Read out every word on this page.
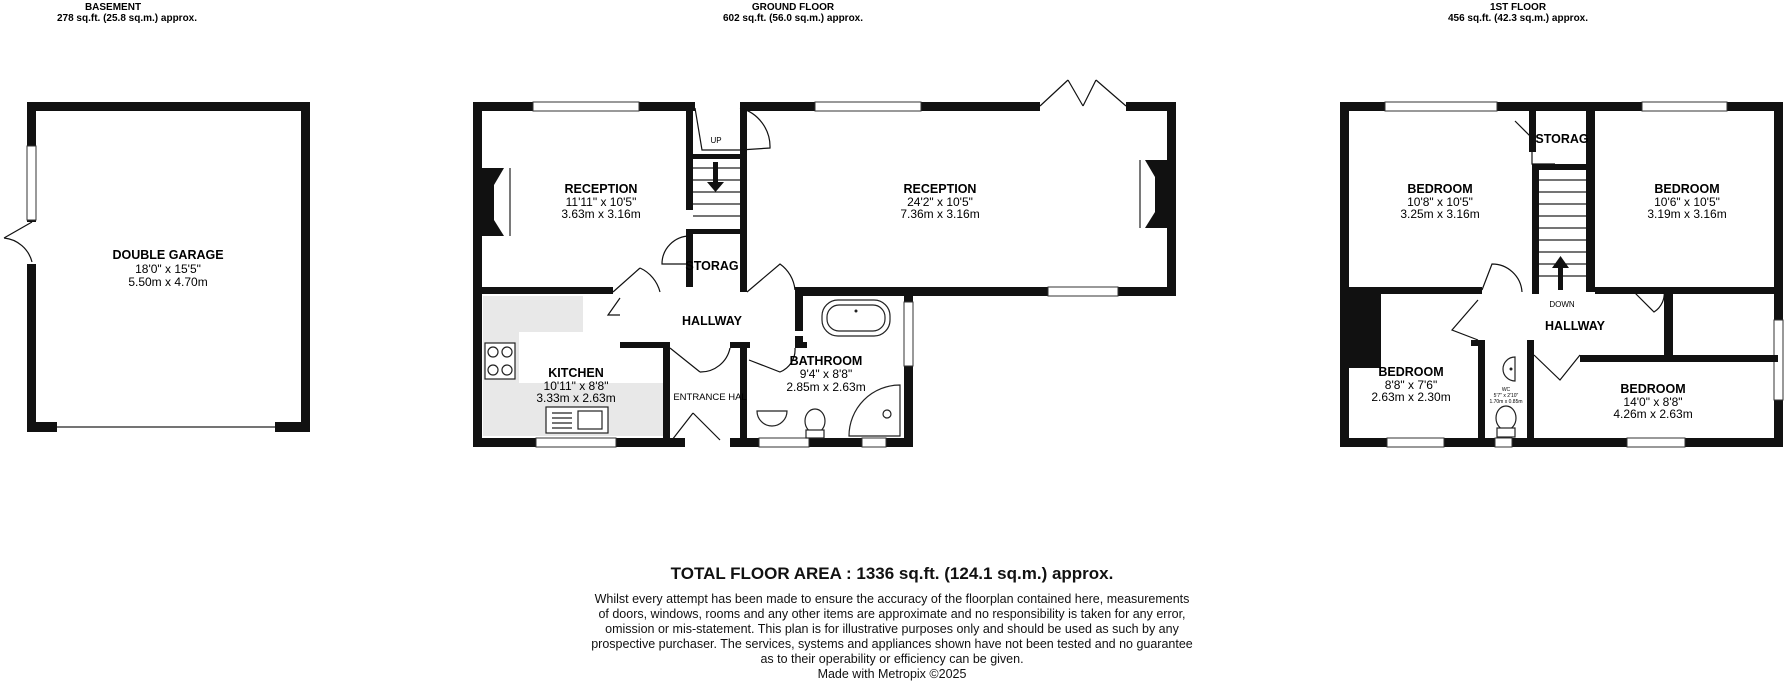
BASEMENT
278 sq.ft. (25.8 sq.m.) approx.
GROUND FLOOR
602 sq.ft. (56.0 sq.m.) approx.
1ST FLOOR
456 sq.ft. (42.3 sq.m.) approx.
DOUBLE GARAGE
18'0" x 15'5"
5.50m x 4.70m
UP
RECEPTION
11'11" x 10'5"
3.63m x 3.16m
RECEPTION
24'2" x 10'5"
7.36m x 3.16m
STORAG
HALLWAY
ENTRANCE HAL
KITCHEN
10'11" x 8'8"
3.33m x 2.63m
BATHROOM
9'4" x 8'8"
2.85m x 2.63m
DOWN
WC
5'7" x 2'10"
1.70m x 0.85m
BEDROOM
10'8" x 10'5"
3.25m x 3.16m
BEDROOM
10'6" x 10'5"
3.19m x 3.16m
STORAG
HALLWAY
BEDROOM
8'8" x 7'6"
2.63m x 2.30m
BEDROOM
14'0" x 8'8"
4.26m x 2.63m
TOTAL FLOOR AREA : 1336 sq.ft. (124.1 sq.m.) approx.
Whilst every attempt has been made to ensure the accuracy of the floorplan contained here, measurements
of doors, windows, rooms and any other items are approximate and no responsibility is taken for any error,
omission or mis-statement. This plan is for illustrative purposes only and should be used as such by any
prospective purchaser. The services, systems and appliances shown have not been tested and no guarantee
as to their operability or efficiency can be given.
Made with Metropix ©2025
